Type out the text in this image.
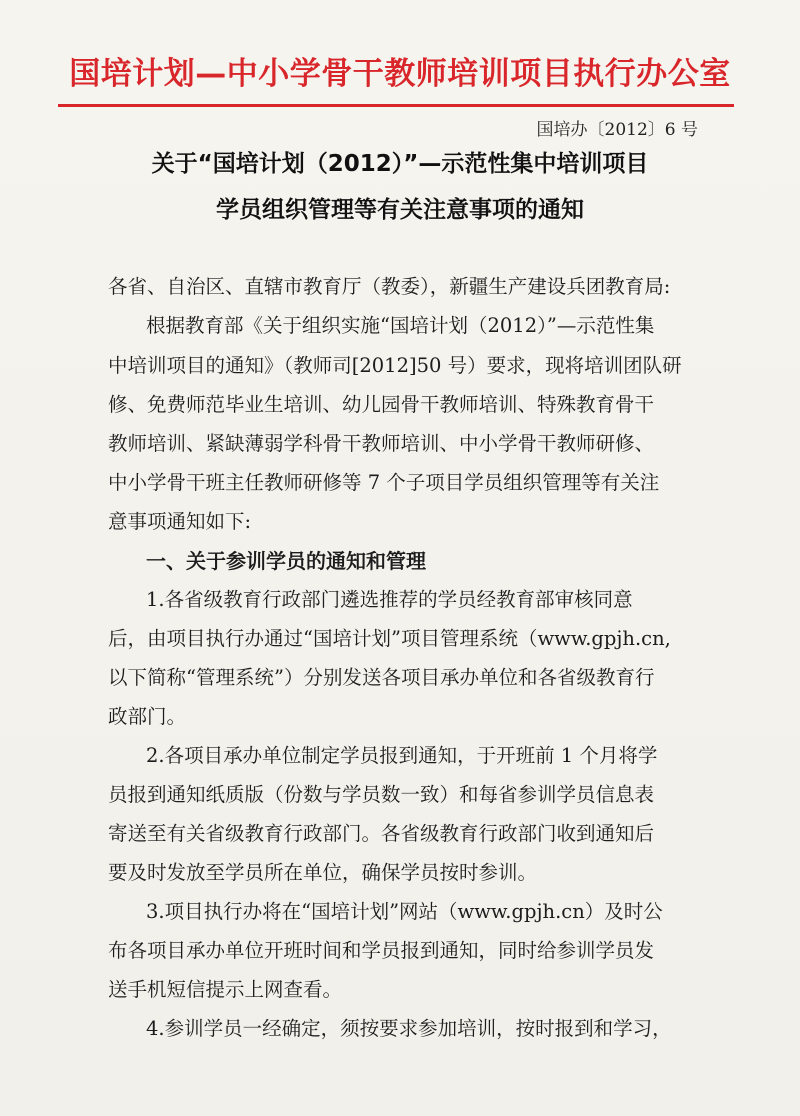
国培计划—中小学骨干教师培训项目执行办公室
国培办〔2012〕6 号
关于“国培计划（2012）”—示范性集中培训项目
学员组织管理等有关注意事项的通知
各省、自治区、直辖市教育厅（教委），新疆生产建设兵团教育局:
根据教育部《关于组织实施“国培计划（2012）”—示范性集
中培训项目的通知》（教师司[2012]50 号）要求，现将培训团队研
修、免费师范毕业生培训、幼儿园骨干教师培训、特殊教育骨干
教师培训、紧缺薄弱学科骨干教师培训、中小学骨干教师研修、
中小学骨干班主任教师研修等 7 个子项目学员组织管理等有关注
意事项通知如下:
一、关于参训学员的通知和管理
1.各省级教育行政部门遴选推荐的学员经教育部审核同意
后，由项目执行办通过“国培计划”项目管理系统（www.gpjh.cn,
以下简称“管理系统”）分别发送各项目承办单位和各省级教育行
政部门。
2.各项目承办单位制定学员报到通知，于开班前 1 个月将学
员报到通知纸质版（份数与学员数一致）和每省参训学员信息表
寄送至有关省级教育行政部门。各省级教育行政部门收到通知后
要及时发放至学员所在单位，确保学员按时参训。
3.项目执行办将在“国培计划”网站（www.gpjh.cn）及时公
布各项目承办单位开班时间和学员报到通知，同时给参训学员发
送手机短信提示上网查看。
4.参训学员一经确定，须按要求参加培训，按时报到和学习，
